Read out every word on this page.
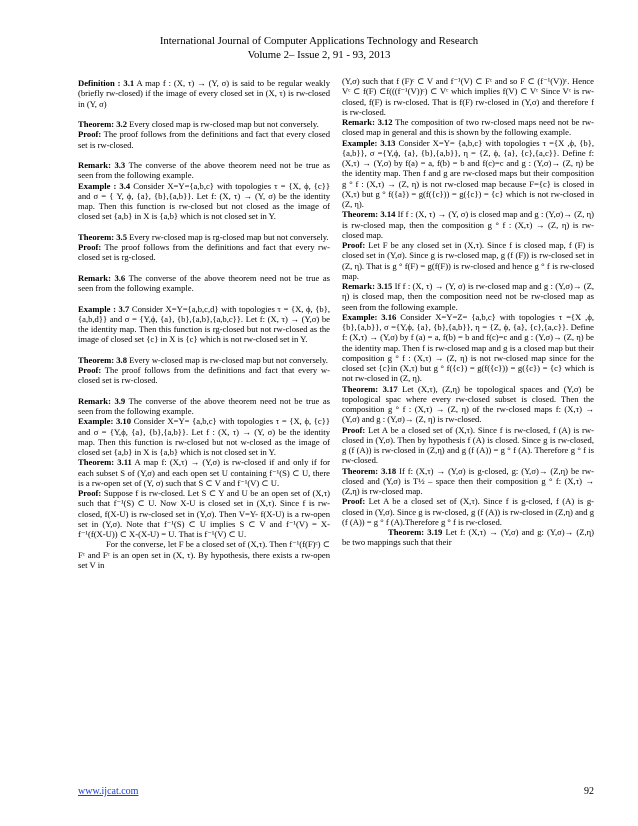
International Journal of Computer Applications Technology and Research
Volume 2– Issue 2, 91 - 93, 2013

Definition : 3.1 A map f : (X, τ) → (Y, σ) is said to be regular weakly (briefly rw-closed) if the image of every closed set in (X, τ) is rw-closed in (Y, σ)

Theorem: 3.2 Every closed map is rw-closed map but not conversely.

Proof: The proof follows from the definitions and fact that every closed set is rw-closed.

Remark: 3.3 The converse of the above theorem need not be true as seen from the following example.

Example : 3.4 Consider X=Y={a,b,c} with topologies τ = {X, ϕ, {c}} and σ = { Y, ϕ, {a}, {b},{a,b}}. Let f: (X, τ) → (Y, σ) be the identity map. Then this function is rw-closed but not closed as the image of closed set {a,b} in X is {a,b} which is not closed set in Y.

Theorem: 3.5 Every rw-closed map is rg-closed map but not conversely.

Proof: The proof follows from the definitions and fact that every rw-closed set is rg-closed.

Remark: 3.6 The converse of the above theorem need not be true as seen from the following example.

Example : 3.7 Consider X=Y={a,b,c,d} with topologies τ = {X, ϕ, {b},{a,b,d}} and σ = {Y,ϕ, {a}, {b},{a,b},{a,b,c}}. Let f: (X, τ) → (Y,σ) be the identity map. Then this function is rg-closed but not rw-closed as the image of closed set {c} in X is {c} which is not rw-closed set in Y.

Theorem: 3.8 Every w-closed map is rw-closed map but not conversely.

Proof: The proof follows from the definitions and fact that every w-closed set is rw-closed.

Remark: 3.9 The converse of the above theorem need not be true as seen from the following example.

Example: 3.10 Consider X=Y= {a,b,c} with topologies τ = {X, ϕ, {c}} and σ = {Y,ϕ, {a}, {b},{a,b}}. Let f : (X, τ) → (Y, σ) be the identity map. Then this function is rw-closed but not w-closed as the image of closed set {a,b} in X is {a,b} which is not closed set in Y.

Theorem: 3.11 A map f: (X,τ) → (Y,σ) is rw-closed if and only if for each subset S of (Y,σ) and each open set U containing f⁻¹(S) ⊂ U, there is a rw-open set of (Y, σ) such that S ⊂ V and f⁻¹(V) ⊂ U.

Proof: Suppose f is rw-closed. Let S ⊂ Y and U be an open set of (X,τ) such that f⁻¹(S) ⊂ U. Now X-U is closed set in (X,τ). Since f is rw-closed, f(X-U) is rw-closed set in (Y,σ). Then V=Y- f(X-U) is a rw-open set in (Y,σ). Note that f⁻¹(S) ⊂ U implies S ⊂ V and f⁻¹(V) = X- f⁻¹(f(X-U)) ⊂ X-(X-U) = U. That is f⁻¹(V) ⊂ U.

For the converse, let F be a closed set of (X,τ). Then f⁻¹(f(F)ᶜ) ⊂ Fᶜ and Fᶜ is an open set in (X, τ). By hypothesis, there exists a rw-open set V in

(Y,σ) such that f (F)ᶜ ⊂ V and f⁻¹(V) ⊂ Fᶜ and so F ⊂ (f⁻¹(V))ᶜ. Hence Vᶜ ⊂ f(F) ⊂f(((f⁻¹(V))ᶜ) ⊂ Vᶜ which implies f(V) ⊂ Vᶜ Since Vᶜ is rw-closed, f(F) is rw-closed. That is f(F) rw-closed in (Y,σ) and therefore f is rw-closed.

Remark: 3.12 The composition of two rw-closed maps need not be rw-closed map in general and this is shown by the following example.

Example: 3.13 Consider X=Y= {a,b,c} with topologies τ ={X ,ϕ, {b},{a,b}}, σ ={Y,ϕ, {a}, {b},{a,b}}, η = {Z, ϕ, {a}, {c},{a,c}}. Define f: (X,τ) → (Y,σ) by f(a) = a, f(b) = b and f(c)=c and g : (Y,σ)→ (Z, η) be the identity map. Then f and g are rw-closed maps but their composition g ° f : (X,τ) → (Z, η) is not rw-closed map because F={c} is closed in (X,τ) but g ° f({a}) = g(f({c})) = g({c}) = {c} which is not rw-closed in (Z, η).

Theorem: 3.14 If f : (X, τ) → (Y, σ) is closed map and g : (Y,σ)→ (Z, η) is rw-closed map, then the composition g ° f : (X,τ) → (Z, η) is rw-closed map.

Proof: Let F be any closed set in (X,τ). Since f is closed map, f (F) is closed set in (Y,σ). Since g is rw-closed map, g (f (F)) is rw-closed set in (Z, η). That is g ° f(F) = g(f(F)) is rw-closed and hence g ° f is rw-closed map.

Remark: 3.15 If f : (X, τ) → (Y, σ) is rw-closed map and g : (Y,σ)→ (Z, η) is closed map, then the composition need not be rw-closed map as seen from the following example.

Example: 3.16 Consider X=Y=Z= {a,b,c} with topologies τ ={X ,ϕ, {b},{a,b}}, σ ={Y,ϕ, {a}, {b},{a,b}}, η = {Z, ϕ, {a}, {c},{a,c}}. Define f: (X,τ) → (Y,σ) by f (a) = a, f(b) = b and f(c)=c and g : (Y,σ)→ (Z, η) be the identity map. Then f is rw-closed map and g is a closed map but their composition g ° f : (X,τ) → (Z, η) is not rw-closed map since for the closed set {c}in (X,τ) but g ° f({c}) = g(f({c})) = g({c}) = {c} which is not rw-closed in (Z, η).

Theorem: 3.17 Let (X,τ), (Z,η) be topological spaces and (Y,σ) be topological spac where every rw-closed subset is closed. Then the composition g ° f : (X,τ) → (Z, η) of the rw-closed maps f: (X,τ) → (Y,σ) and g : (Y,σ)→ (Z, η) is rw-closed.

Proof: Let A be a closed set of (X,τ). Since f is rw-closed, f (A) is rw-closed in (Y,σ). Then by hypothesis f (A) is closed. Since g is rw-closed, g (f (A)) is rw-closed in (Z,η) and g (f (A)) = g ° f (A). Therefore g ° f is rw-closed.

Theorem: 3.18 If f: (X,τ) → (Y,σ) is g-closed, g: (Y,σ)→ (Z,η) be rw-closed and (Y,σ) is T½ – space then their composition g ° f: (X,τ) → (Z,η) is rw-closed map.

Proof: Let A be a closed set of (X,τ). Since f is g-closed, f (A) is g-closed in (Y,σ). Since g is rw-closed, g (f (A)) is rw-closed in (Z,η) and g (f (A)) = g ° f (A).Therefore g ° f is rw-closed.

Theorem: 3.19 Let f: (X,τ) → (Y,σ) and g: (Y,σ)→ (Z,η) be two mappings such that their

www.ijcat.com	92
